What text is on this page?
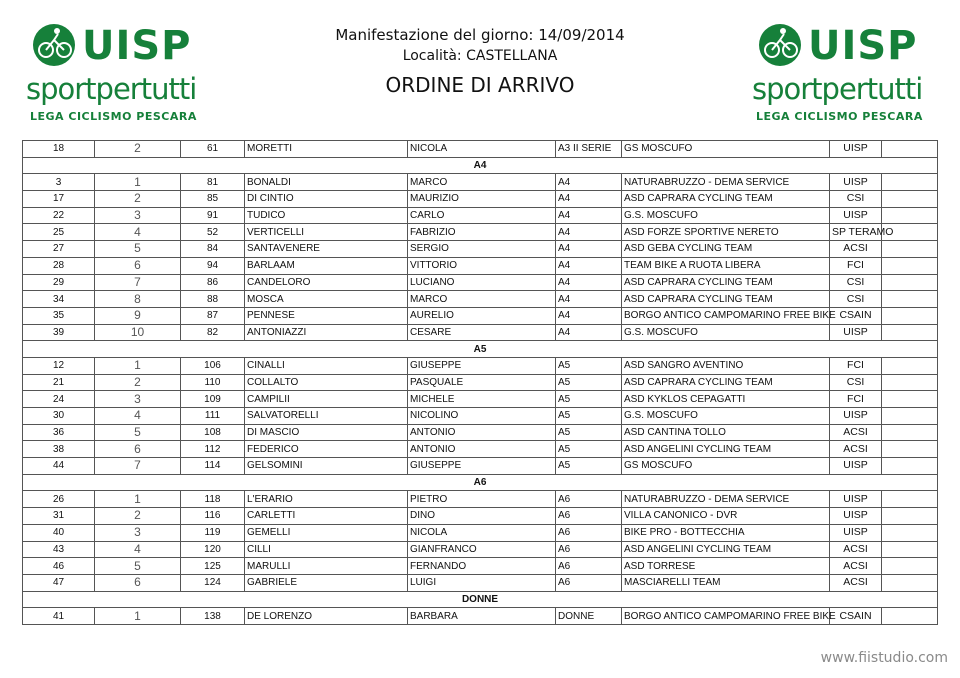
UISP
sportpertutti
LEGA CICLISMO PESCARA
UISP
sportpertutti
LEGA CICLISMO PESCARA
Manifestazione del giorno: 14/09/2014
Località: CASTELLANA
ORDINE DI ARRIVO
18	2	61	MORETTI	NICOLA	A3 II SERIE	GS MOSCUFO	UISP	
A4								
3	1	81	BONALDI	MARCO	A4	NATURABRUZZO - DEMA SERVICE	UISP	
17	2	85	DI CINTIO	MAURIZIO	A4	ASD CAPRARA CYCLING TEAM	CSI	
22	3	91	TUDICO	CARLO	A4	G.S. MOSCUFO	UISP	
25	4	52	VERTICELLI	FABRIZIO	A4	ASD FORZE SPORTIVE NERETO	SP TERAMO	
27	5	84	SANTAVENERE	SERGIO	A4	ASD GEBA CYCLING TEAM	ACSI	
28	6	94	BARLAAM	VITTORIO	A4	TEAM BIKE A RUOTA LIBERA	FCI	
29	7	86	CANDELORO	LUCIANO	A4	ASD CAPRARA CYCLING TEAM	CSI	
34	8	88	MOSCA	MARCO	A4	ASD CAPRARA CYCLING TEAM	CSI	
35	9	87	PENNESE	AURELIO	A4	BORGO ANTICO CAMPOMARINO FREE BIKE	CSAIN	
39	10	82	ANTONIAZZI	CESARE	A4	G.S. MOSCUFO	UISP	
A5								
12	1	106	CINALLI	GIUSEPPE	A5	ASD SANGRO AVENTINO	FCI	
21	2	110	COLLALTO	PASQUALE	A5	ASD CAPRARA CYCLING TEAM	CSI	
24	3	109	CAMPILII	MICHELE	A5	ASD KYKLOS CEPAGATTI	FCI	
30	4	111	SALVATORELLI	NICOLINO	A5	G.S. MOSCUFO	UISP	
36	5	108	DI MASCIO	ANTONIO	A5	ASD CANTINA TOLLO	ACSI	
38	6	112	FEDERICO	ANTONIO	A5	ASD ANGELINI CYCLING TEAM	ACSI	
44	7	114	GELSOMINI	GIUSEPPE	A5	GS MOSCUFO	UISP	
A6								
26	1	118	L'ERARIO	PIETRO	A6	NATURABRUZZO - DEMA SERVICE	UISP	
31	2	116	CARLETTI	DINO	A6	VILLA CANONICO - DVR	UISP	
40	3	119	GEMELLI	NICOLA	A6	BIKE PRO - BOTTECCHIA	UISP	
43	4	120	CILLI	GIANFRANCO	A6	ASD ANGELINI CYCLING TEAM	ACSI	
46	5	125	MARULLI	FERNANDO	A6	ASD TORRESE	ACSI	
47	6	124	GABRIELE	LUIGI	A6	MASCIARELLI TEAM	ACSI	
DONNE								
41	1	138	DE LORENZO	BARBARA	DONNE	BORGO ANTICO CAMPOMARINO FREE BIKE	CSAIN	
www.fiistudio.com
